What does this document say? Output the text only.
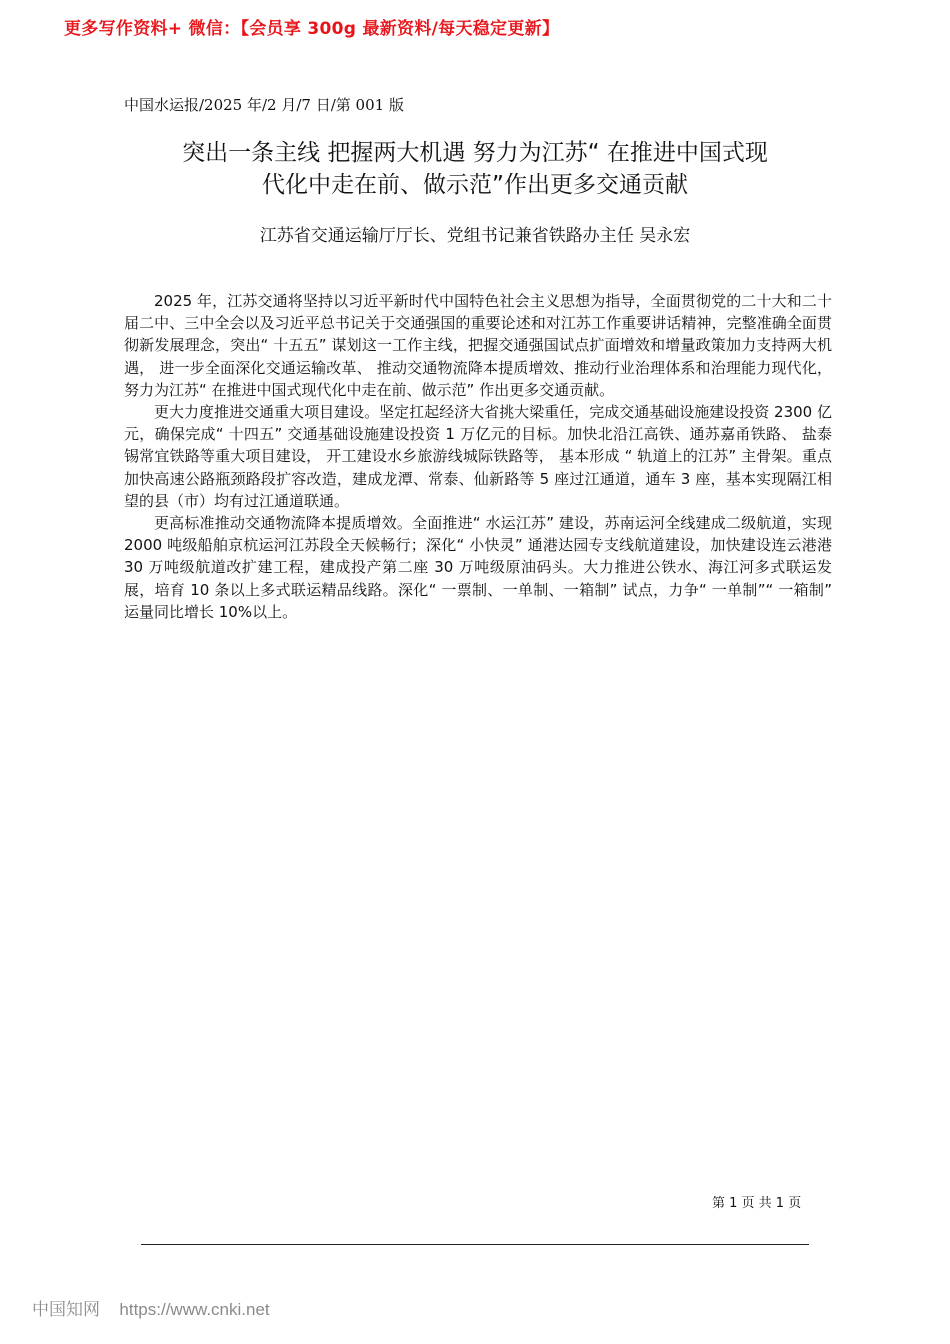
更多写作资料+ 微信：【会员享 300g 最新资料/每天稳定更新】
中国水运报/2025 年/2 月/7 日/第 001 版
突出一条主线 把握两大机遇 努力为江苏“ 在推进中国式现
代化中走在前、做示范”作出更多交通贡献
江苏省交通运输厅厅长、党组书记兼省铁路办主任 吴永宏

2025 年，江苏交通将坚持以习近平新时代中国特色社会主义思想为指导，全面贯彻党的二十大和二十届二中、三中全会以及习近平总书记关于交通强国的重要论述和对江苏工作重要讲话精神，完整准确全面贯彻新发展理念，突出“ 十五五” 谋划这一工作主线，把握交通强国试点扩面增效和增量政策加力支持两大机遇， 进一步全面深化交通运输改革、 推动交通物流降本提质增效、推动行业治理体系和治理能力现代化，努力为江苏“ 在推进中国式现代化中走在前、做示范” 作出更多交通贡献。

更大力度推进交通重大项目建设。坚定扛起经济大省挑大梁重任，完成交通基础设施建设投资 2300 亿元，确保完成“ 十四五” 交通基础设施建设投资 1 万亿元的目标。加快北沿江高铁、通苏嘉甬铁路、 盐泰锡常宜铁路等重大项目建设， 开工建设水乡旅游线城际铁路等， 基本形成 “ 轨道上的江苏” 主骨架。重点加快高速公路瓶颈路段扩容改造，建成龙潭、常泰、仙新路等 5 座过江通道，通车 3 座，基本实现隔江相望的县（市）均有过江通道联通。

更高标准推动交通物流降本提质增效。全面推进“ 水运江苏” 建设，苏南运河全线建成二级航道，实现 2000 吨级船舶京杭运河江苏段全天候畅行；深化“ 小快灵” 通港达园专支线航道建设，加快建设连云港港 30 万吨级航道改扩建工程，建成投产第二座 30 万吨级原油码头。大力推进公铁水、海江河多式联运发展，培育 10 条以上多式联运精品线路。深化“ 一票制、一单制、一箱制” 试点，力争“ 一单制”“ 一箱制” 运量同比增长 10%以上。

第 1 页 共 1 页
中国知网 https://www.cnki.net
